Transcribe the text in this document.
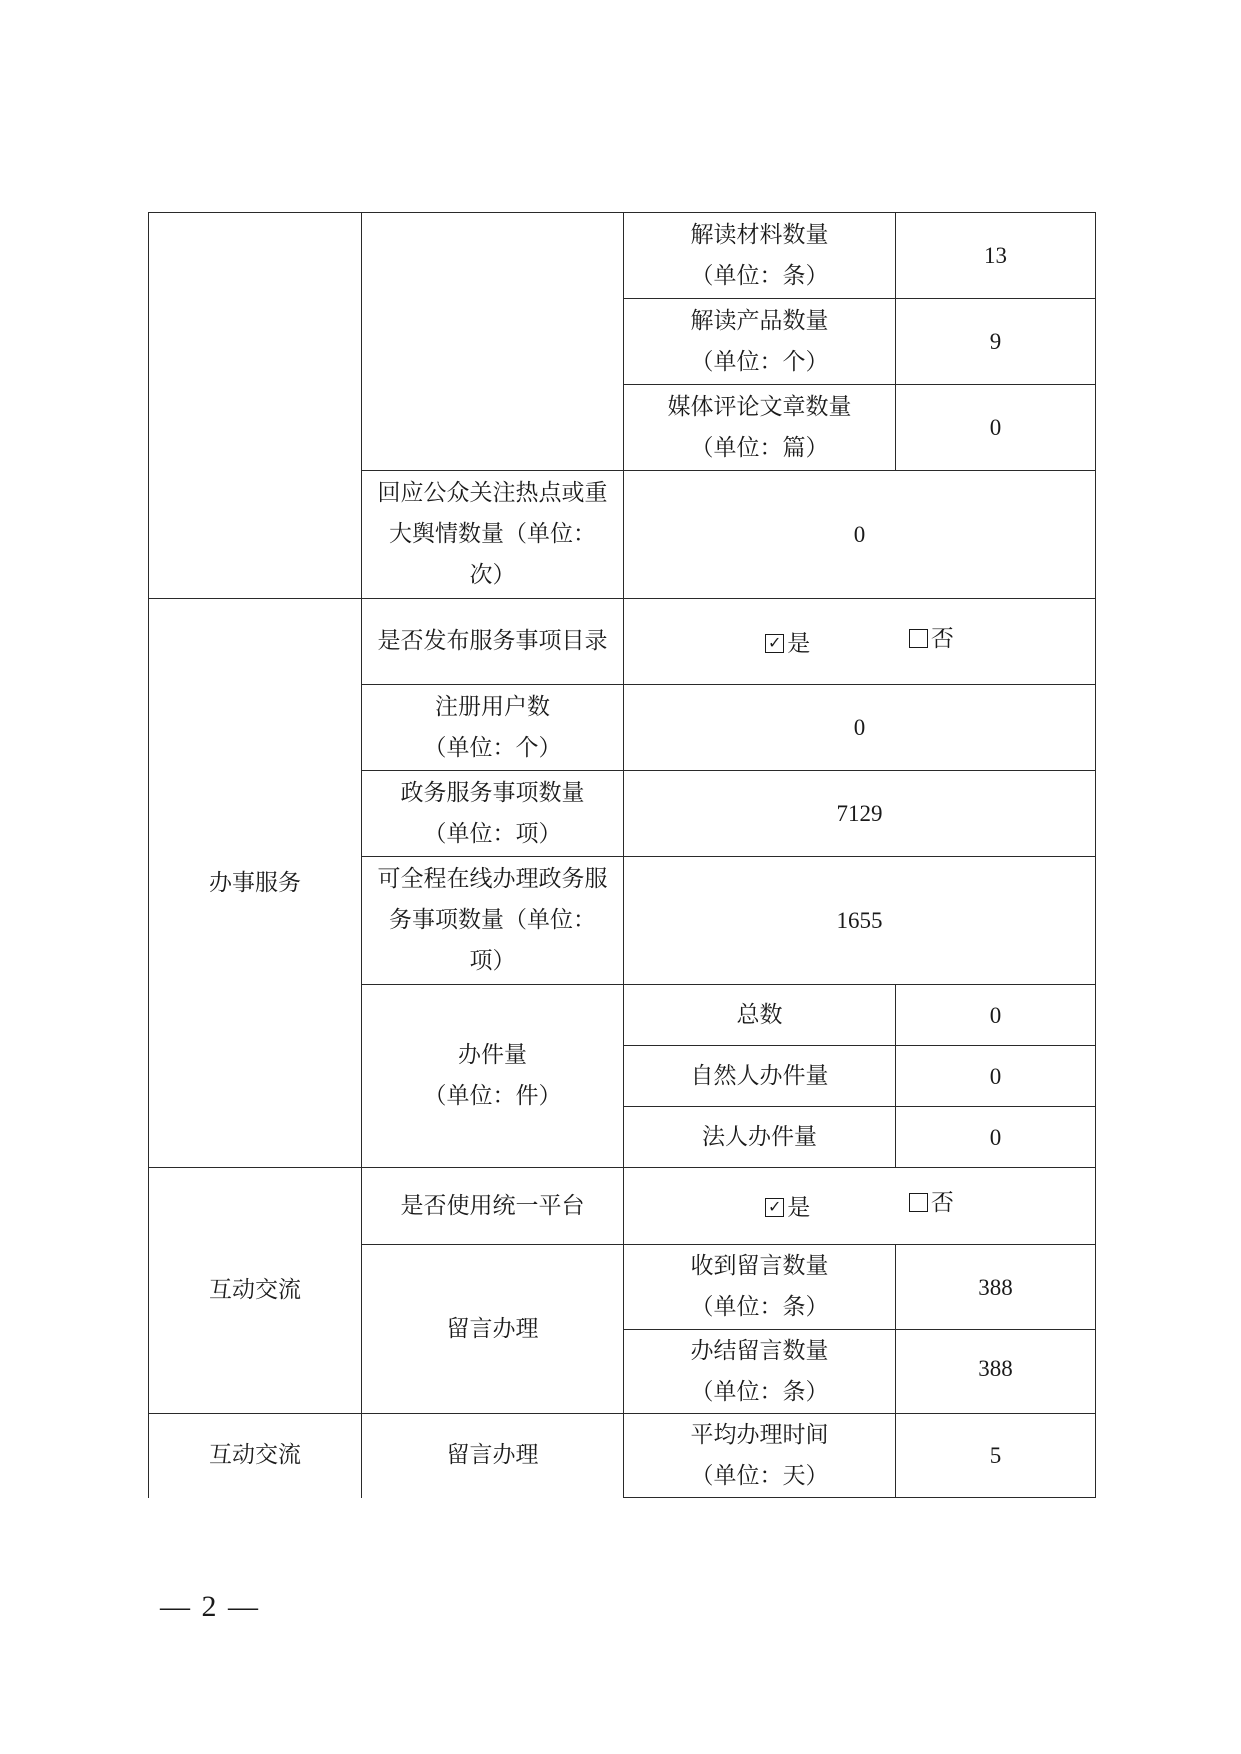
		解读材料数量
（单位：条）	13
		解读产品数量
（单位：个）	9
		媒体评论文章数量
（单位：篇）	0
	回应公众关注热点或重大舆情数量（单位：次）	0	
办事服务	是否发布服务事项目录	✓ 是
否	

	注册用户数
（单位：个）	0	
	政务服务事项数量
（单位：项）	7129	
	可全程在线办理政务服务事项数量（单位：项）	1655	
	办件量
（单位：件）	总数	0
		自然人办件量	0
		法人办件量	0
互动交流	是否使用统一平台	✓ 是
否	

	留言办理	收到留言数量
（单位：条）	388
		办结留言数量
（单位：条）	388
互动交流	留言办理	平均办理时间
（单位：天）	5
— 2 —
